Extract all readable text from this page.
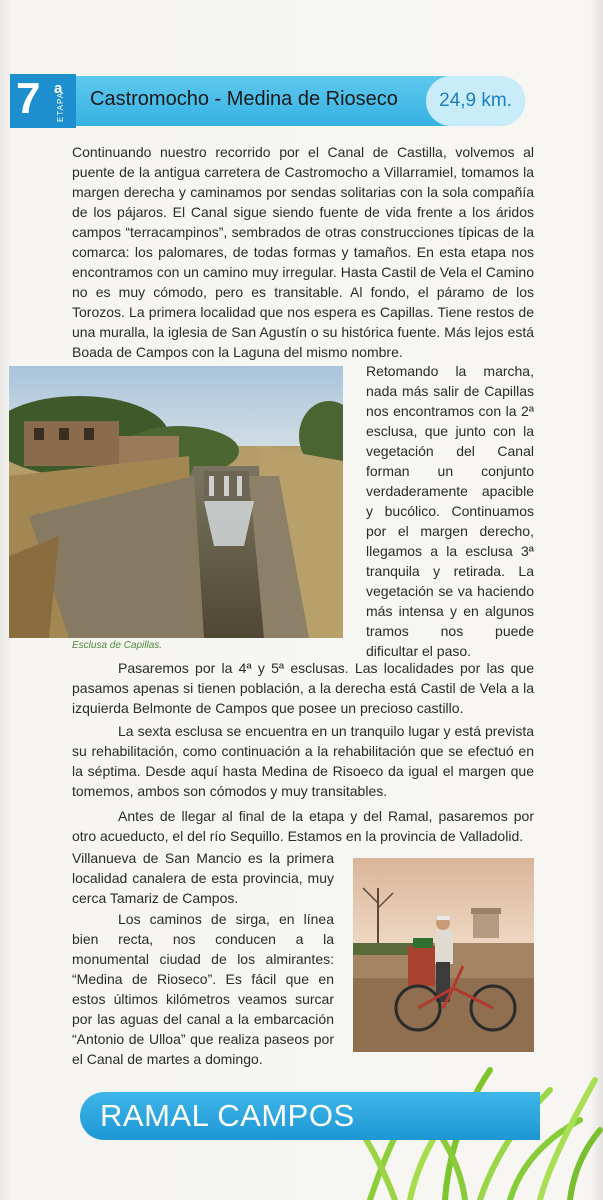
7 a
ETAPA Castromocho - Medina de Rioseco	24,9 km.
Continuando nuestro recorrido por el Canal de Castilla, volvemos al puente de la antigua carretera de Castromocho a Villarramiel, tomamos la margen derecha y caminamos por sendas solitarias con la sola compañía de los pájaros. El Canal sigue siendo fuente de vida frente a los áridos campos “terracampinos”, sembrados de otras construcciones típicas de la comarca: los palomares, de todas formas y tamaños. En esta etapa nos encontramos con un camino muy irregular. Hasta Castil de Vela el Camino no es muy cómodo, pero es transitable. Al fondo, el páramo de los Torozos. La primera localidad que nos espera es Capillas. Tiene restos de una muralla, la iglesia de San Agustín o su histórica fuente. Más lejos está Boada de Campos con la Laguna del mismo nombre.
Retomando la marcha, nada más salir de Capillas nos encontramos con la 2ª esclusa, que junto con la vegetación del Canal forman un conjunto verdaderamente apacible y bucólico. Continuamos por el margen derecho, llegamos a la esclusa 3ª tranquila y retirada. La vegetación se va haciendo más intensa y en algunos tramos nos puede dificultar el paso.
Esclusa de Capillas.
Pasaremos por la 4ª y 5ª esclusas. Las localidades por las que pasamos apenas si tienen población, a la derecha está Castil de Vela a la izquierda Belmonte de Campos que posee un precioso castillo.
La sexta esclusa se encuentra en un tranquilo lugar y está prevista su rehabilitación, como continuación a la rehabilitación que se efectuó en la séptima. Desde aquí hasta Medina de Risoeco da igual el margen que tomemos, ambos son cómodos y muy transitables.
Antes de llegar al final de la etapa y del Ramal, pasaremos por otro acueducto, el del río Sequillo. Estamos en la provincia de Valladolid.
Villanueva de San Mancio es la primera localidad canalera de esta provincia, muy cerca Tamariz de Campos.
Los caminos de sirga, en línea bien recta, nos conducen a la monumental ciudad de los almirantes: “Medina de Rioseco”. Es fácil que en estos últimos kilómetros veamos surcar por las aguas del canal a la embarcación “Antonio de Ulloa” que realiza paseos por el Canal de martes a domingo.
RAMAL CAMPOS
